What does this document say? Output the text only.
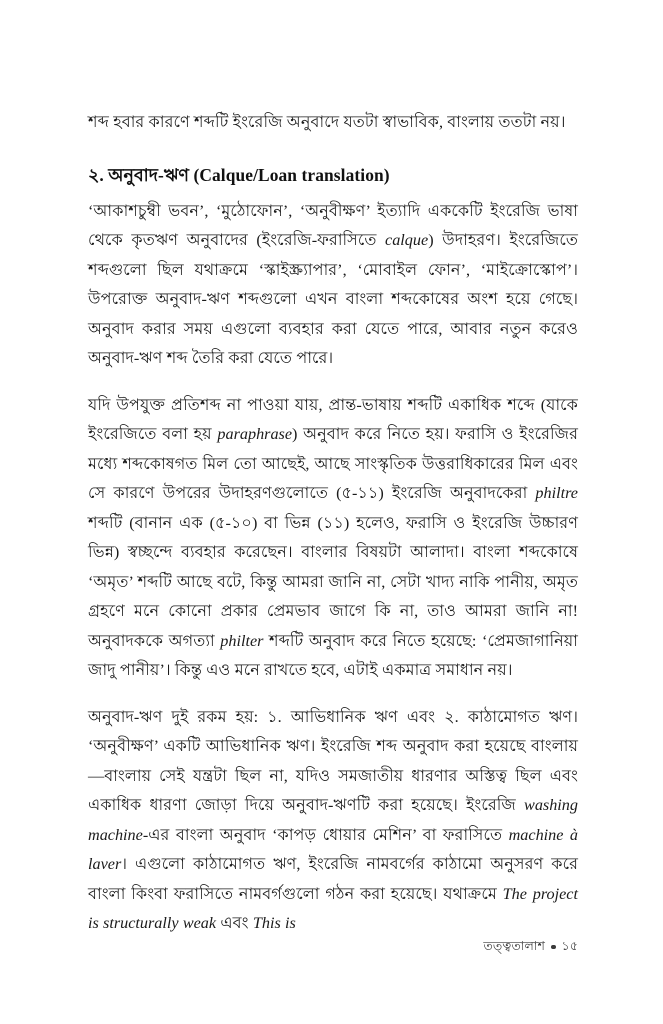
শব্দ হবার কারণে শব্দটি ইংরেজি অনুবাদে যতটা স্বাভাবিক, বাংলায় ততটা নয়।

২. অনুবাদ-ঋণ (Calque/Loan translation)

‘আকাশচুম্বী ভবন’, ‘মুঠোফোন’, ‘অনুবীক্ষণ’ ইত্যাদি এককেটি ইংরেজি ভাষা থেকে কৃতঋণ অনুবাদের (ইংরেজি-ফরাসিতে calque) উদাহরণ। ইংরেজিতে শব্দগুলো ছিল যথাক্রমে ‘স্কাইস্ক্র্যাপার’, ‘মোবাইল ফোন’, ‘মাইক্রোস্কোপ’। উপরোক্ত অনুবাদ-ঋণ শব্দগুলো এখন বাংলা শব্দকোষের অংশ হয়ে গেছে। অনুবাদ করার সময় এগুলো ব্যবহার করা যেতে পারে, আবার নতুন করেও অনুবাদ-ঋণ শব্দ তৈরি করা যেতে পারে।

যদি উপযুক্ত প্রতিশব্দ না পাওয়া যায়, প্রান্ত-ভাষায় শব্দটি একাধিক শব্দে (যাকে ইংরেজিতে বলা হয় paraphrase) অনুবাদ করে নিতে হয়। ফরাসি ও ইংরেজির মধ্যে শব্দকোষগত মিল তো আছেই, আছে সাংস্কৃতিক উত্তরাধিকারের মিল এবং সে কারণে উপরের উদাহরণগুলোতে (৫-১১) ইংরেজি অনুবাদকেরা philtre শব্দটি (বানান এক (৫-১০) বা ভিন্ন (১১) হলেও, ফরাসি ও ইংরেজি উচ্চারণ ভিন্ন) স্বচ্ছন্দে ব্যবহার করেছেন। বাংলার বিষয়টা আলাদা। বাংলা শব্দকোষে ‘অমৃত’ শব্দটি আছে বটে, কিন্তু আমরা জানি না, সেটা খাদ্য নাকি পানীয়, অমৃত গ্রহণে মনে কোনো প্রকার প্রেমভাব জাগে কি না, তাও আমরা জানি না! অনুবাদককে অগত্যা philter শব্দটি অনুবাদ করে নিতে হয়েছে: ‘প্রেমজাগানিয়া জাদু পানীয়’। কিন্তু এও মনে রাখতে হবে, এটাই একমাত্র সমাধান নয়।

অনুবাদ-ঋণ দুই রকম হয়: ১. আভিধানিক ঋণ এবং ২. কাঠামোগত ঋণ। ‘অনুবীক্ষণ’ একটি আভিধানিক ঋণ। ইংরেজি শব্দ অনুবাদ করা হয়েছে বাংলায়—বাংলায় সেই যন্ত্রটা ছিল না, যদিও সমজাতীয় ধারণার অস্তিত্ব ছিল এবং একাধিক ধারণা জোড়া দিয়ে অনুবাদ-ঋণটি করা হয়েছে। ইংরেজি washing machine-এর বাংলা অনুবাদ ‘কাপড় ধোয়ার মেশিন’ বা ফরাসিতে machine à laver। এগুলো কাঠামোগত ঋণ, ইংরেজি নামবর্গের কাঠামো অনুসরণ করে বাংলা কিংবা ফরাসিতে নামবর্গগুলো গঠন করা হয়েছে। যথাক্রমে The project is structurally weak এবং This is

তত্ত্বতালাশ ১৫
